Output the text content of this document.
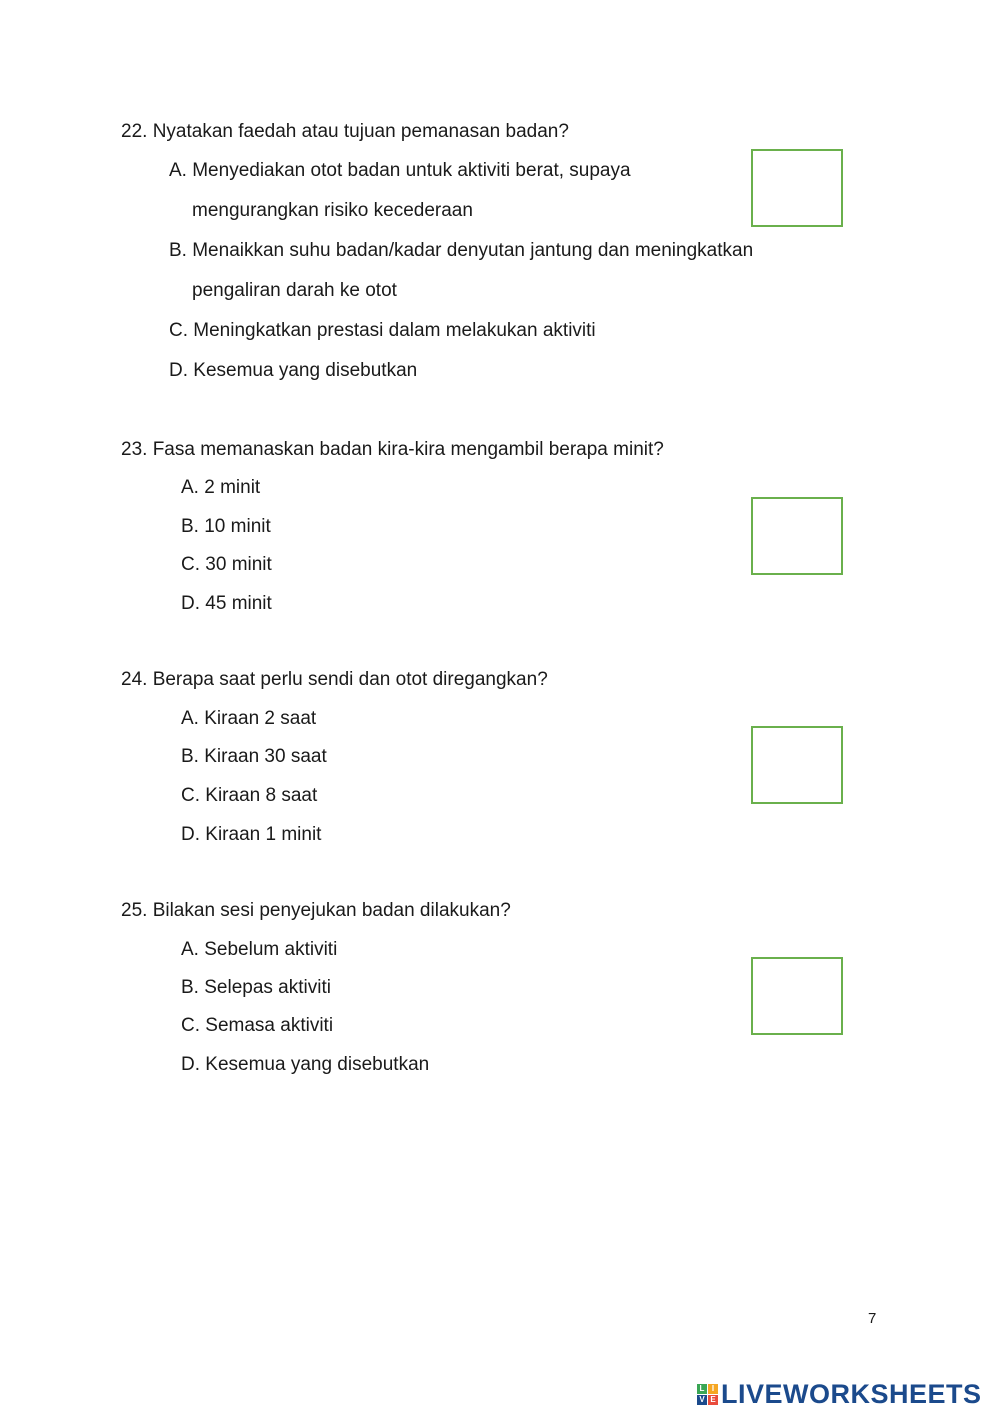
22. Nyatakan faedah atau tujuan pemanasan badan?
A. Menyediakan otot badan untuk aktiviti berat, supaya
mengurangkan risiko kecederaan
B. Menaikkan suhu badan/kadar denyutan jantung dan meningkatkan
pengaliran darah ke otot
C. Meningkatkan prestasi dalam melakukan aktiviti
D. Kesemua yang disebutkan
23. Fasa memanaskan badan kira-kira mengambil berapa minit?
A. 2 minit
B. 10 minit
C. 30 minit
D. 45 minit
24. Berapa saat perlu sendi dan otot diregangkan?
A. Kiraan 2 saat
B. Kiraan 30 saat
C. Kiraan 8 saat
D. Kiraan 1 minit
25. Bilakan sesi penyejukan badan dilakukan?
A. Sebelum aktiviti
B. Selepas aktiviti
C. Semasa aktiviti
D. Kesemua yang disebutkan
7
L I
V E LIVEWORKSHEETS
